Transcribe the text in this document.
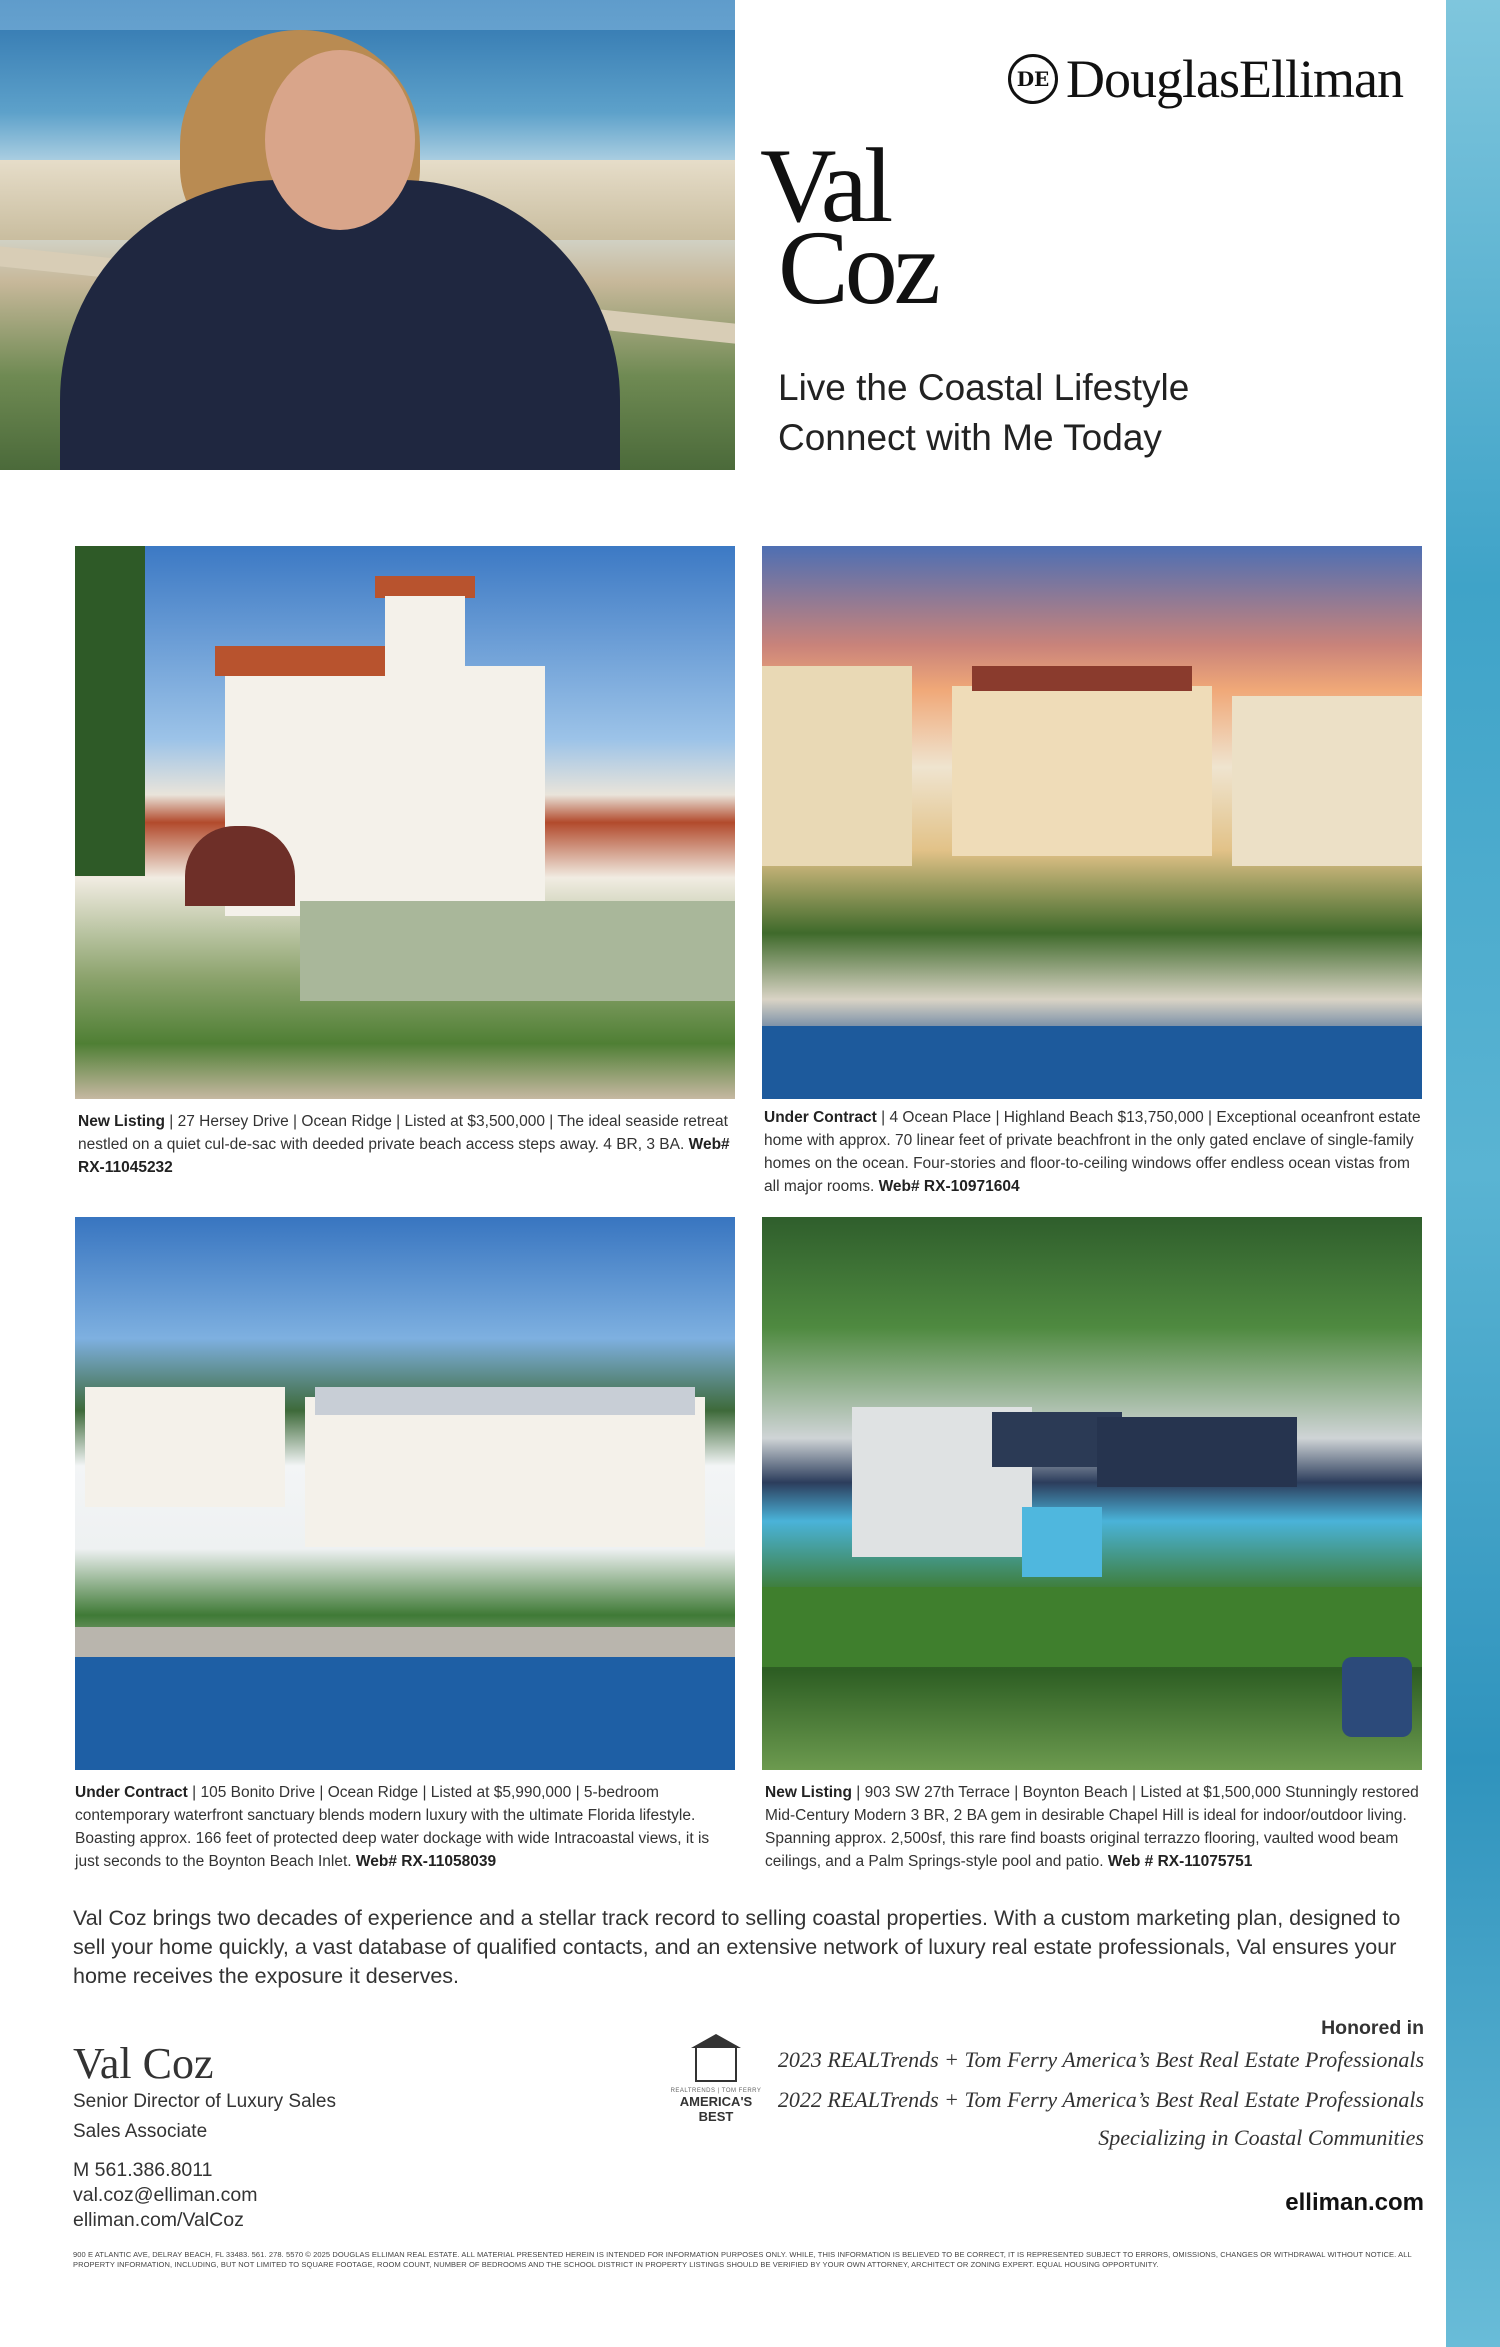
DE DouglasElliman
Val
Coz
Live the Coastal Lifestyle
Connect with Me Today
New Listing | 27 Hersey Drive | Ocean Ridge | Listed at $3,500,000 | The ideal seaside retreat nestled on a quiet cul-de-sac with deeded private beach access steps away. 4 BR, 3 BA. Web# RX-11045232
Under Contract | 4 Ocean Place | Highland Beach $13,750,000 | Exceptional oceanfront estate home with approx. 70 linear feet of private beachfront in the only gated enclave of single-family homes on the ocean. Four-stories and floor-to-ceiling windows offer endless ocean vistas from all major rooms. Web# RX-10971604
Under Contract | 105 Bonito Drive | Ocean Ridge | Listed at $5,990,000 | 5-bedroom contemporary waterfront sanctuary blends modern luxury with the ultimate Florida lifestyle. Boasting approx. 166 feet of protected deep water dockage with wide Intracoastal views, it is just seconds to the Boynton Beach Inlet. Web# RX-11058039
New Listing | 903 SW 27th Terrace | Boynton Beach | Listed at $1,500,000 Stunningly restored Mid-Century Modern 3 BR, 2 BA gem in desirable Chapel Hill is ideal for indoor/outdoor living. Spanning approx. 2,500sf, this rare find boasts original terrazzo flooring, vaulted wood beam ceilings, and a Palm Springs-style pool and patio. Web # RX-11075751
Val Coz brings two decades of experience and a stellar track record to selling coastal properties. With a custom marketing plan, designed to sell your home quickly, a vast database of qualified contacts, and an extensive network of luxury real estate professionals, Val ensures your home receives the exposure it deserves.
Val Coz
Senior Director of Luxury Sales
Sales Associate
M 561.386.8011
val.coz@elliman.com
elliman.com/ValCoz
REALTRENDS | TOM FERRY
AMERICA'S BEST
Honored in
2023 REALTrends + Tom Ferry America’s Best Real Estate Professionals
2022 REALTrends + Tom Ferry America’s Best Real Estate Professionals
Specializing in Coastal Communities
elliman.com
900 E ATLANTIC AVE, DELRAY BEACH, FL 33483. 561. 278. 5570 © 2025 DOUGLAS ELLIMAN REAL ESTATE. ALL MATERIAL PRESENTED HEREIN IS INTENDED FOR INFORMATION PURPOSES ONLY. WHILE, THIS INFORMATION IS BELIEVED TO BE CORRECT, IT IS REPRESENTED SUBJECT TO ERRORS, OMISSIONS, CHANGES OR WITHDRAWAL WITHOUT NOTICE. ALL PROPERTY INFORMATION, INCLUDING, BUT NOT LIMITED TO SQUARE FOOTAGE, ROOM COUNT, NUMBER OF BEDROOMS AND THE SCHOOL DISTRICT IN PROPERTY LISTINGS SHOULD BE VERIFIED BY YOUR OWN ATTORNEY, ARCHITECT OR ZONING EXPERT. EQUAL HOUSING OPPORTUNITY.
